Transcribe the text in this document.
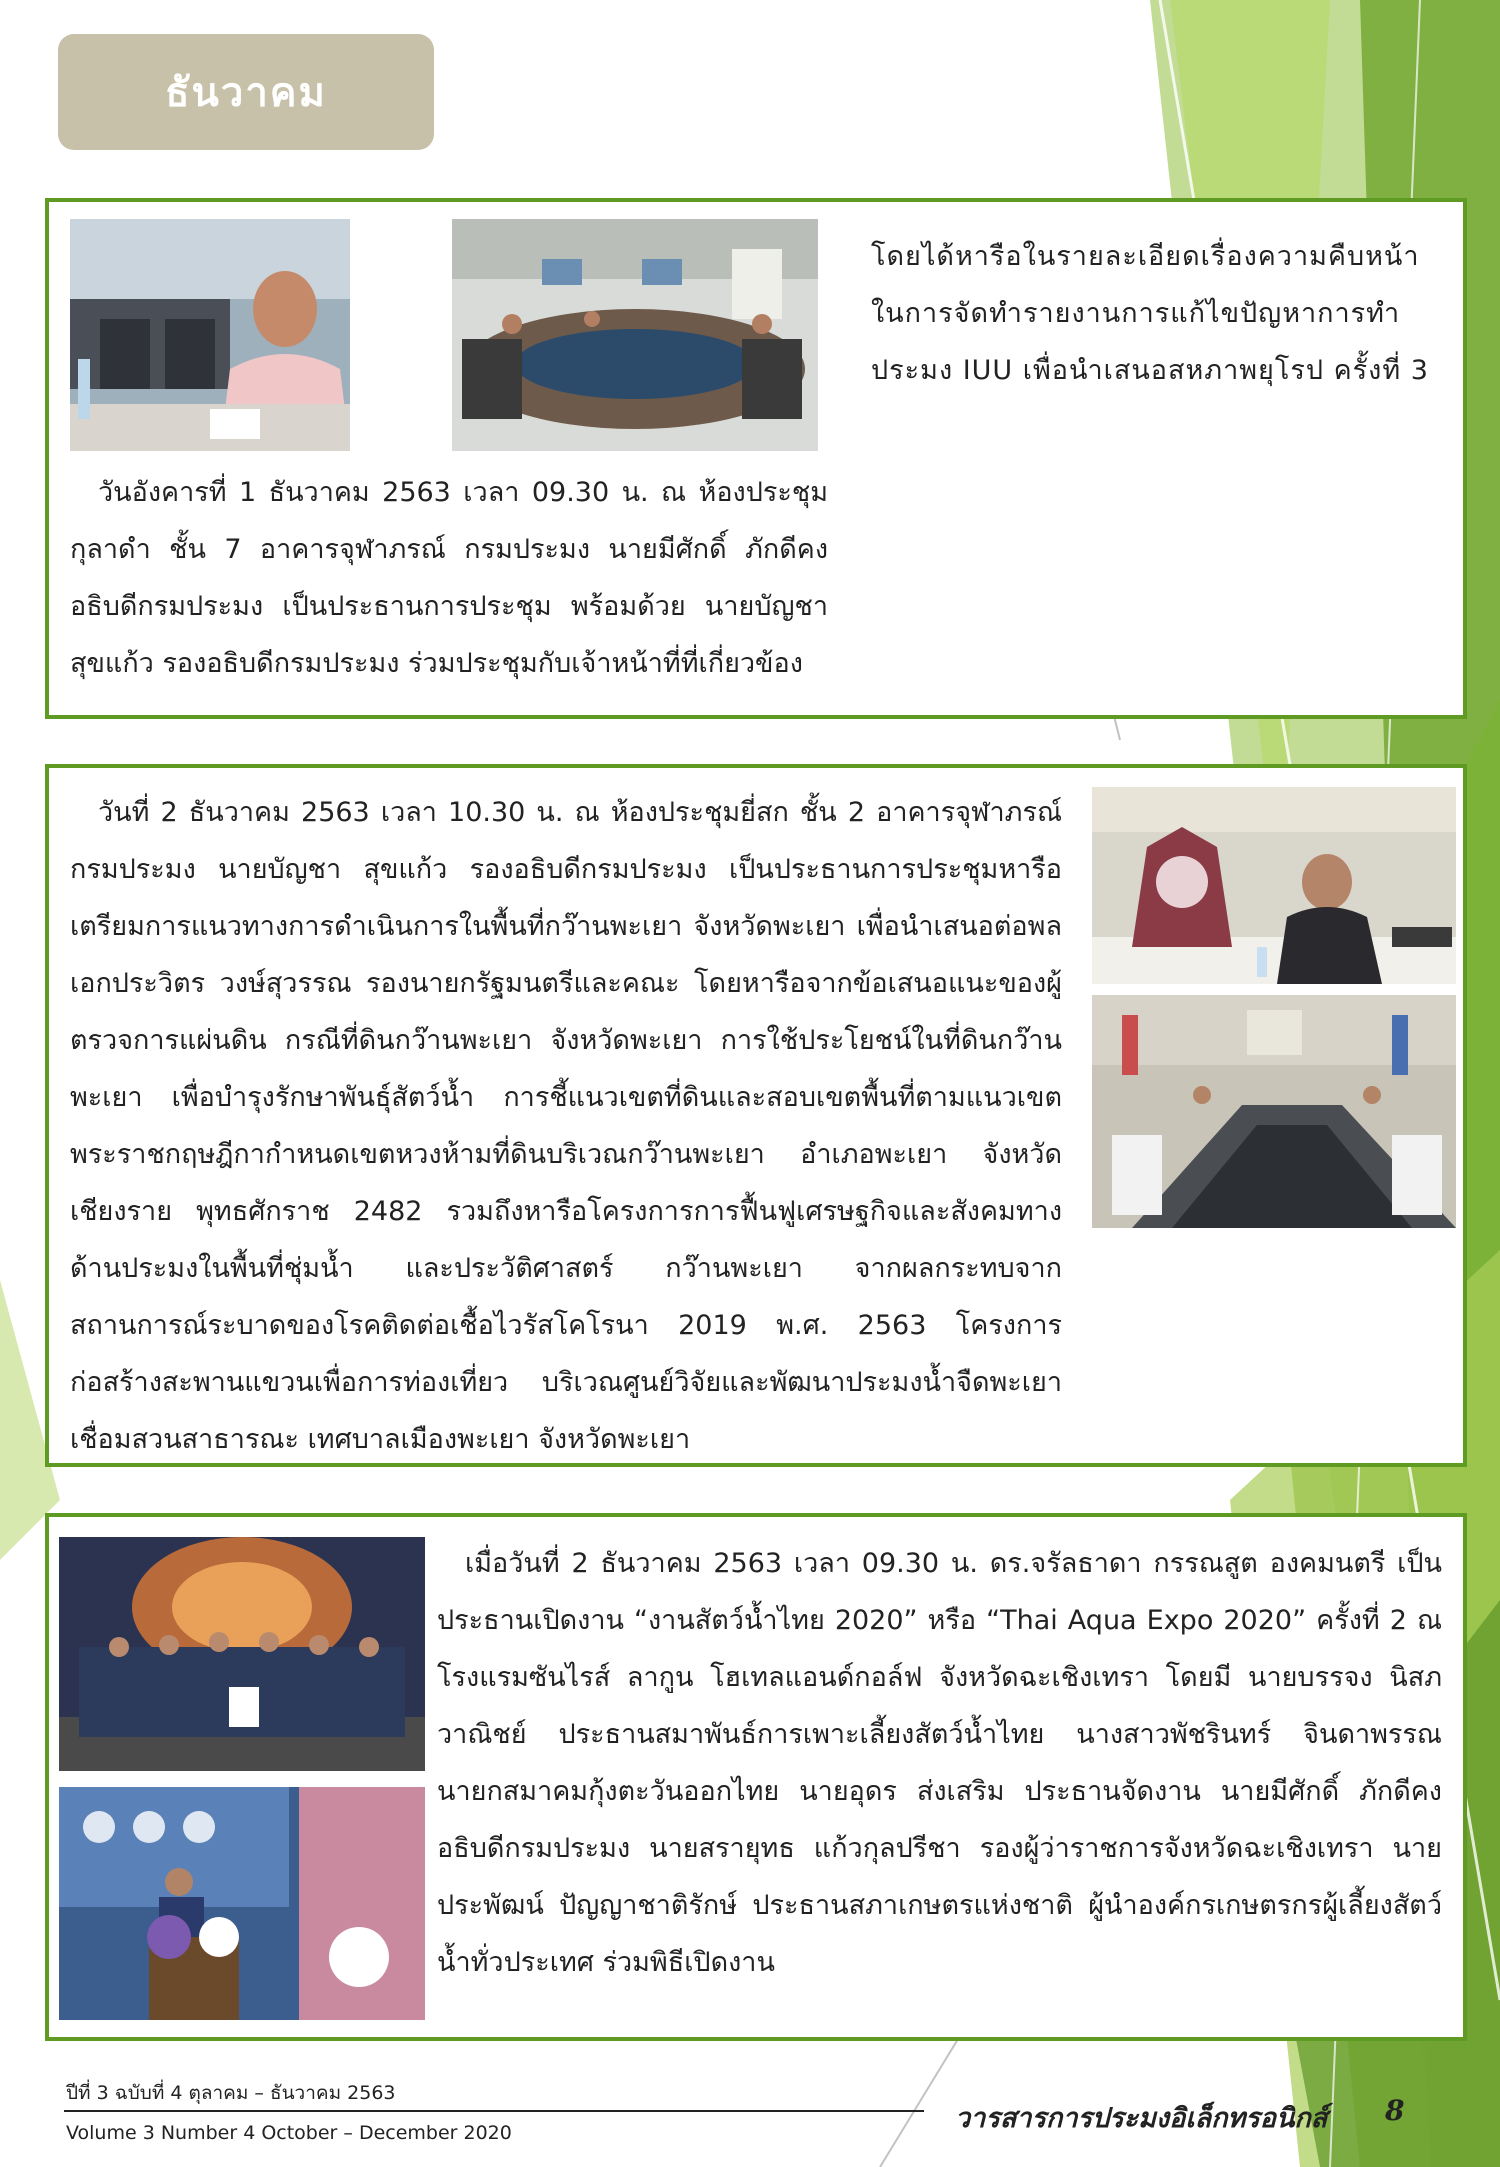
ธันวาคม

โดยได้หารือในรายละเอียดเรื่องความคืบหน้าในการจัดทำรายงานการแก้ไขปัญหาการทำประมง IUU เพื่อนำเสนอสหภาพยุโรป ครั้งที่ 3

วันอังคารที่ 1 ธันวาคม 2563 เวลา 09.30 น. ณ ห้องประชุมกุลาดำ ชั้น 7 อาคารจุฬาภรณ์ กรมประมง นายมีศักดิ์ ภักดีคง อธิบดีกรมประมง เป็นประธานการประชุม พร้อมด้วย นายบัญชา สุขแก้ว รองอธิบดีกรมประมง ร่วมประชุมกับเจ้าหน้าที่ที่เกี่ยวข้อง

วันที่ 2 ธันวาคม 2563 เวลา 10.30 น. ณ ห้องประชุมยี่สก ชั้น 2 อาคารจุฬาภรณ์ กรมประมง นายบัญชา สุขแก้ว รองอธิบดีกรมประมง เป็นประธานการประชุมหารือเตรียมการแนวทางการดำเนินการในพื้นที่กว๊านพะเยา จังหวัดพะเยา เพื่อนำเสนอต่อพลเอกประวิตร วงษ์สุวรรณ รองนายกรัฐมนตรีและคณะ โดยหารือจากข้อเสนอแนะของผู้ตรวจการแผ่นดิน กรณีที่ดินกว๊านพะเยา จังหวัดพะเยา การใช้ประโยชน์ในที่ดินกว๊านพะเยา เพื่อบำรุงรักษาพันธุ์สัตว์น้ำ การชี้แนวเขตที่ดินและสอบเขตพื้นที่ตามแนวเขตพระราชกฤษฎีกากำหนดเขตหวงห้ามที่ดินบริเวณกว๊านพะเยา อำเภอพะเยา จังหวัดเชียงราย พุทธศักราช 2482 รวมถึงหารือโครงการการฟื้นฟูเศรษฐกิจและสังคมทางด้านประมงในพื้นที่ชุ่มน้ำ และประวัติศาสตร์ กว๊านพะเยา จากผลกระทบจากสถานการณ์ระบาดของโรคติดต่อเชื้อไวรัสโคโรนา 2019 พ.ศ. 2563 โครงการก่อสร้างสะพานแขวนเพื่อการท่องเที่ยว บริเวณศูนย์วิจัยและพัฒนาประมงน้ำจืดพะเยา เชื่อมสวนสาธารณะ เทศบาลเมืองพะเยา จังหวัดพะเยา

เมื่อวันที่ 2 ธันวาคม 2563 เวลา 09.30 น. ดร.จรัลธาดา กรรณสูต องคมนตรี เป็นประธานเปิดงาน “งานสัตว์น้ำไทย 2020” หรือ “Thai Aqua Expo 2020” ครั้งที่ 2 ณ โรงแรมซันไรส์ ลากูน โฮเทลแอนด์กอล์ฟ จังหวัดฉะเชิงเทรา โดยมี นายบรรจง นิสภวาณิชย์ ประธานสมาพันธ์การเพาะเลี้ยงสัตว์น้ำไทย นางสาวพัชรินทร์ จินดาพรรณ นายกสมาคมกุ้งตะวันออกไทย นายอุดร ส่งเสริม ประธานจัดงาน นายมีศักดิ์ ภักดีคง อธิบดีกรมประมง นายสรายุทธ แก้วกุลปรีชา รองผู้ว่าราชการจังหวัดฉะเชิงเทรา นายประพัฒน์ ปัญญาชาติรักษ์ ประธานสภาเกษตรแห่งชาติ ผู้นำองค์กรเกษตรกรผู้เลี้ยงสัตว์น้ำทั่วประเทศ ร่วมพิธีเปิดงาน

ปีที่ 3 ฉบับที่ 4 ตุลาคม – ธันวาคม 2563
Volume 3 Number 4 October – December 2020	วารสารการประมงอิเล็กทรอนิกส์ 8
